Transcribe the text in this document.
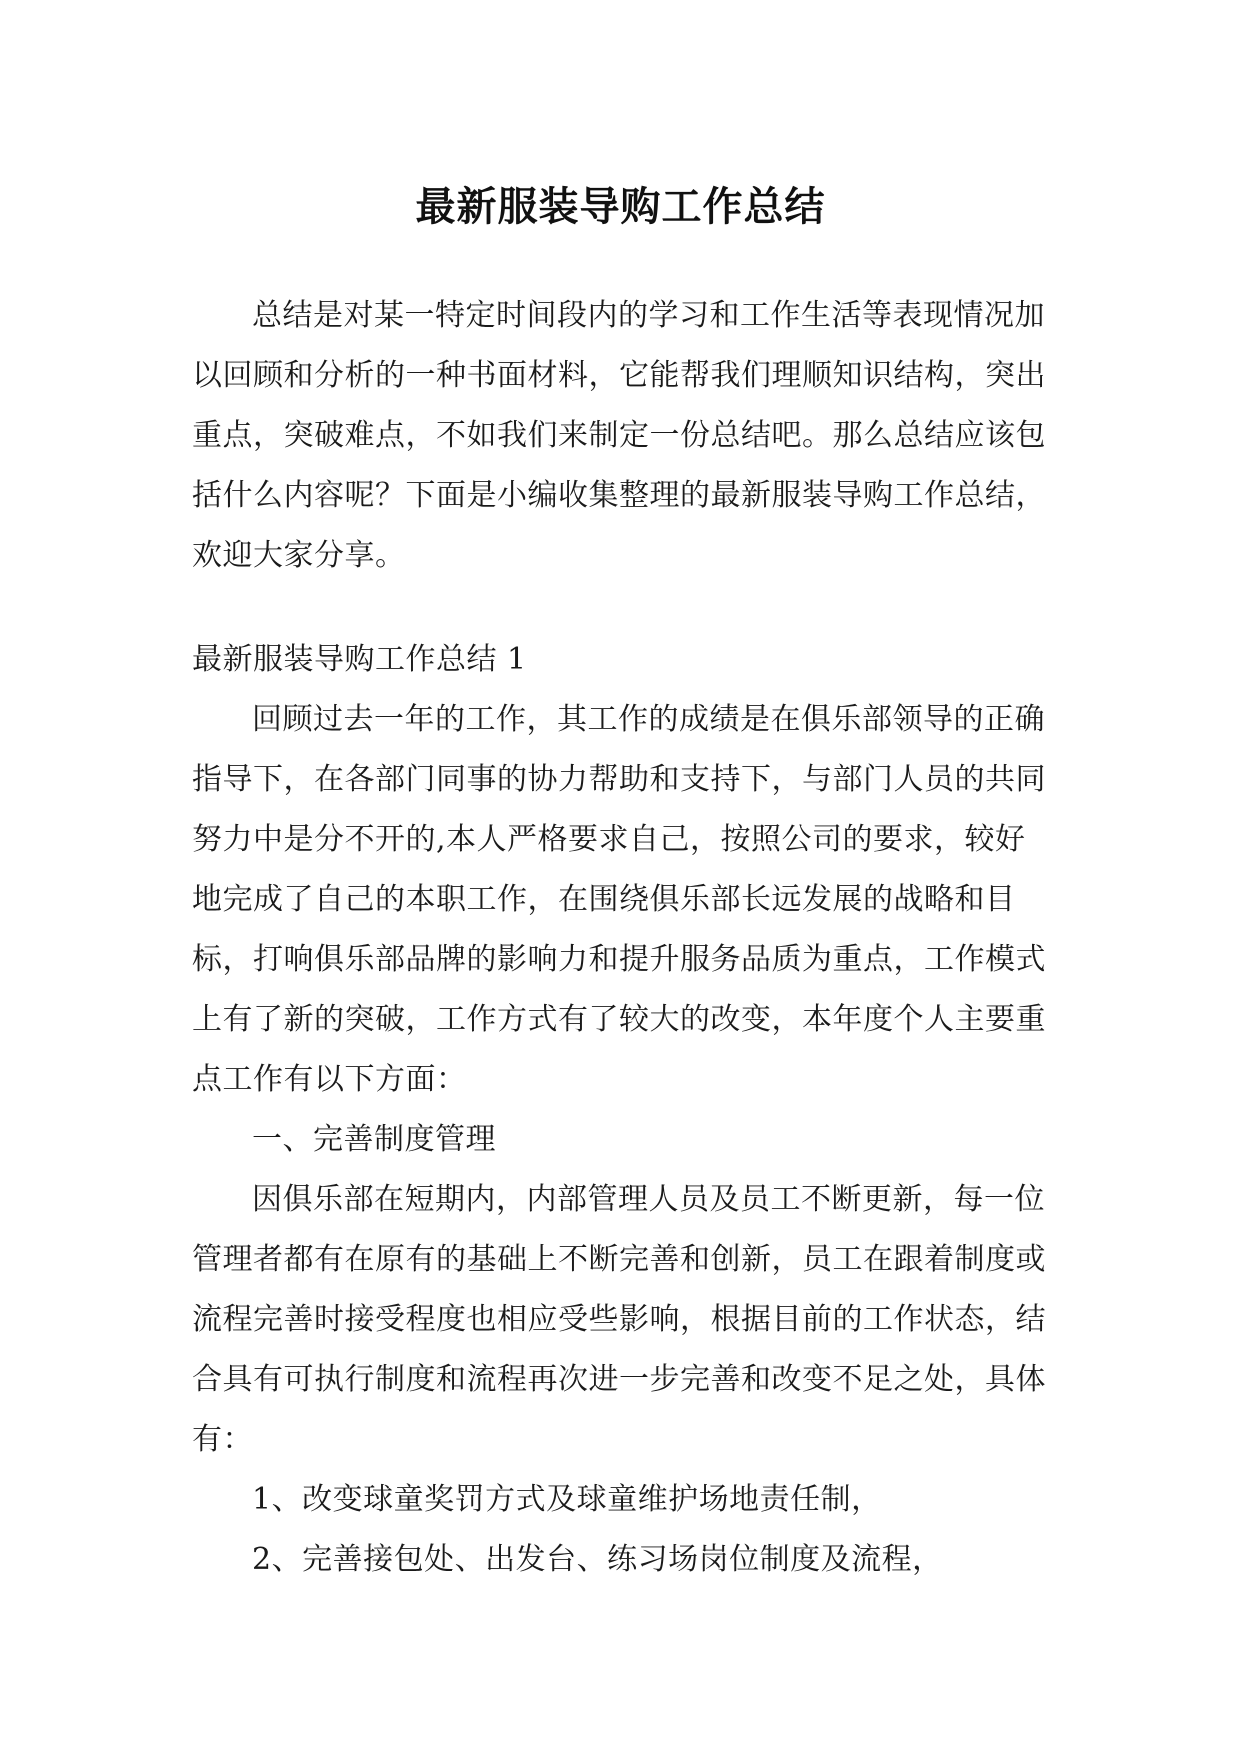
最新服装导购工作总结

总结是对某一特定时间段内的学习和工作生活等表现情况加以回顾和分析的一种书面材料，它能帮我们理顺知识结构，突出重点，突破难点，不如我们来制定一份总结吧。那么总结应该包括什么内容呢？下面是小编收集整理的最新服装导购工作总结，欢迎大家分享。

最新服装导购工作总结 1

回顾过去一年的工作，其工作的成绩是在俱乐部领导的正确指导下，在各部门同事的协力帮助和支持下，与部门人员的共同努力中是分不开的,本人严格要求自己，按照公司的要求，较好地完成了自己的本职工作，在围绕俱乐部长远发展的战略和目标，打响俱乐部品牌的影响力和提升服务品质为重点，工作模式上有了新的突破，工作方式有了较大的改变，本年度个人主要重点工作有以下方面：

一、完善制度管理

因俱乐部在短期内，内部管理人员及员工不断更新，每一位管理者都有在原有的基础上不断完善和创新，员工在跟着制度或流程完善时接受程度也相应受些影响，根据目前的工作状态，结合具有可执行制度和流程再次进一步完善和改变不足之处，具体有：

1、改变球童奖罚方式及球童维护场地责任制，

2、完善接包处、出发台、练习场岗位制度及流程，
